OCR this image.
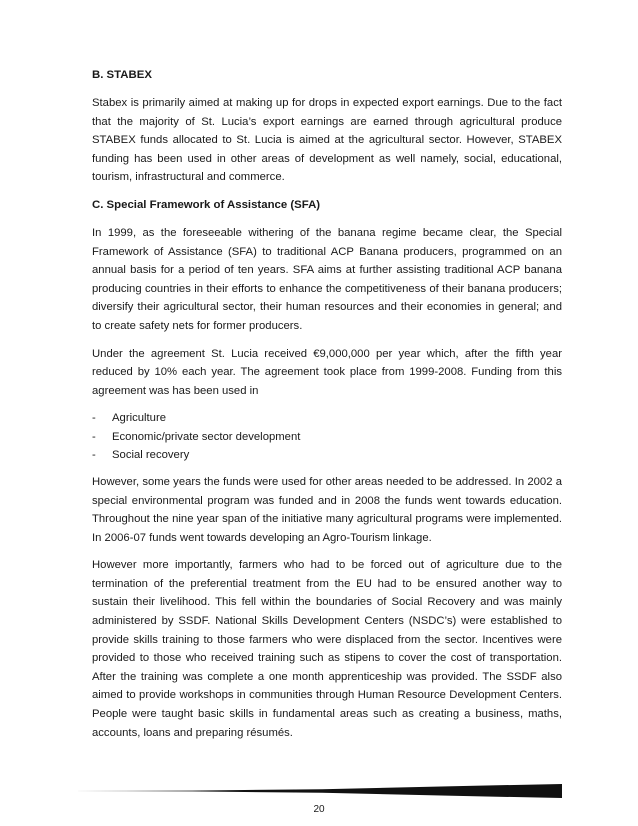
B. STABEX

Stabex is primarily aimed at making up for drops in expected export earnings. Due to the fact that the majority of St. Lucia’s export earnings are earned through agricultural produce STABEX funds allocated to St. Lucia is aimed at the agricultural sector. However, STABEX funding has been used in other areas of development as well namely, social, educational, tourism, infrastructural and commerce.

C. Special Framework of Assistance (SFA)

In 1999, as the foreseeable withering of the banana regime became clear, the Special Framework of Assistance (SFA) to traditional ACP Banana producers, programmed on an annual basis for a period of ten years. SFA aims at further assisting traditional ACP banana producing countries in their efforts to enhance the competitiveness of their banana producers; diversify their agricultural sector, their human resources and their economies in general; and to create safety nets for former producers.

Under the agreement St. Lucia received €9,000,000 per year which, after the fifth year reduced by 10% each year. The agreement took place from 1999-2008. Funding from this agreement was has been used in

- Agriculture
- Economic/private sector development
- Social recovery

However, some years the funds were used for other areas needed to be addressed. In 2002 a special environmental program was funded and in 2008 the funds went towards education. Throughout the nine year span of the initiative many agricultural programs were implemented. In 2006-07 funds went towards developing an Agro-Tourism linkage.

However more importantly, farmers who had to be forced out of agriculture due to the termination of the preferential treatment from the EU had to be ensured another way to sustain their livelihood. This fell within the boundaries of Social Recovery and was mainly administered by SSDF. National Skills Development Centers (NSDC’s) were established to provide skills training to those farmers who were displaced from the sector. Incentives were provided to those who received training such as stipens to cover the cost of transportation. After the training was complete a one month apprenticeship was provided. The SSDF also aimed to provide workshops in communities through Human Resource Development Centers. People were taught basic skills in fundamental areas such as creating a business, maths, accounts, loans and preparing résumés.

20
